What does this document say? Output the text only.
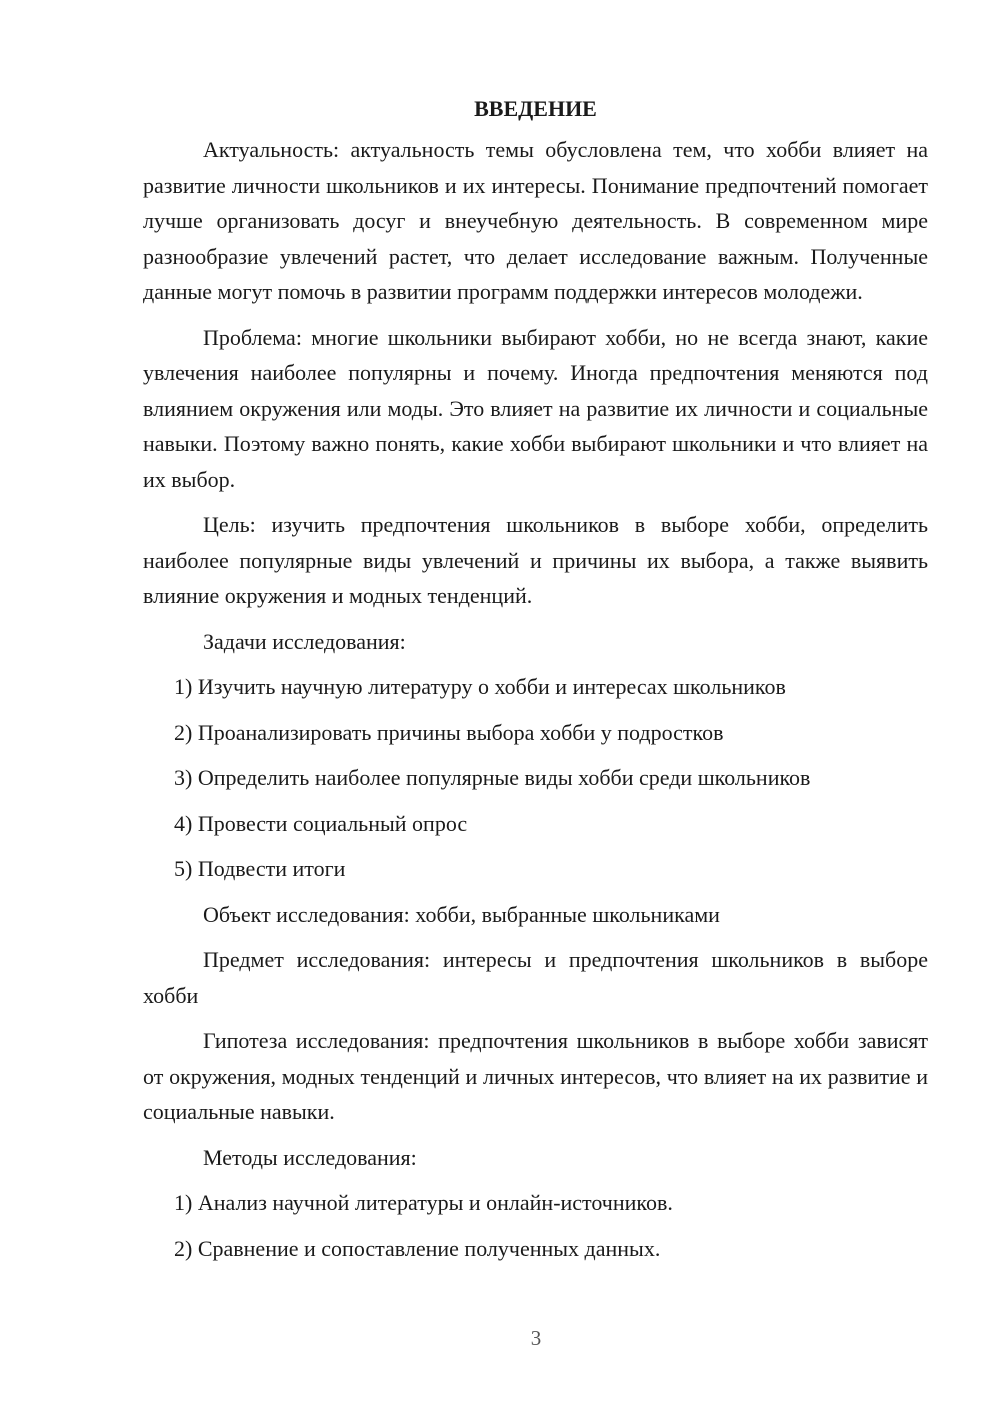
ВВЕДЕНИЕ

Актуальность: актуальность темы обусловлена тем, что хобби влияет на развитие личности школьников и их интересы. Понимание предпочтений помогает лучше организовать досуг и внеучебную деятельность. В современном мире разнообразие увлечений растет, что делает исследование важным. Полученные данные могут помочь в развитии программ поддержки интересов молодежи.

Проблема: многие школьники выбирают хобби, но не всегда знают, какие увлечения наиболее популярны и почему. Иногда предпочтения меняются под влиянием окружения или моды. Это влияет на развитие их личности и социальные навыки. Поэтому важно понять, какие хобби выбирают школьники и что влияет на их выбор.

Цель: изучить предпочтения школьников в выборе хобби, определить наиболее популярные виды увлечений и причины их выбора, а также выявить влияние окружения и модных тенденций.

Задачи исследования:

1) Изучить научную литературу о хобби и интересах школьников
2) Проанализировать причины выбора хобби у подростков
3) Определить наиболее популярные виды хобби среди школьников
4) Провести социальный опрос
5) Подвести итоги

Объект исследования: хобби, выбранные школьниками

Предмет исследования: интересы и предпочтения школьников в выборе хобби

Гипотеза исследования: предпочтения школьников в выборе хобби зависят от окружения, модных тенденций и личных интересов, что влияет на их развитие и социальные навыки.

Методы исследования:

1) Анализ научной литературы и онлайн-источников.
2) Сравнение и сопоставление полученных данных.
3
